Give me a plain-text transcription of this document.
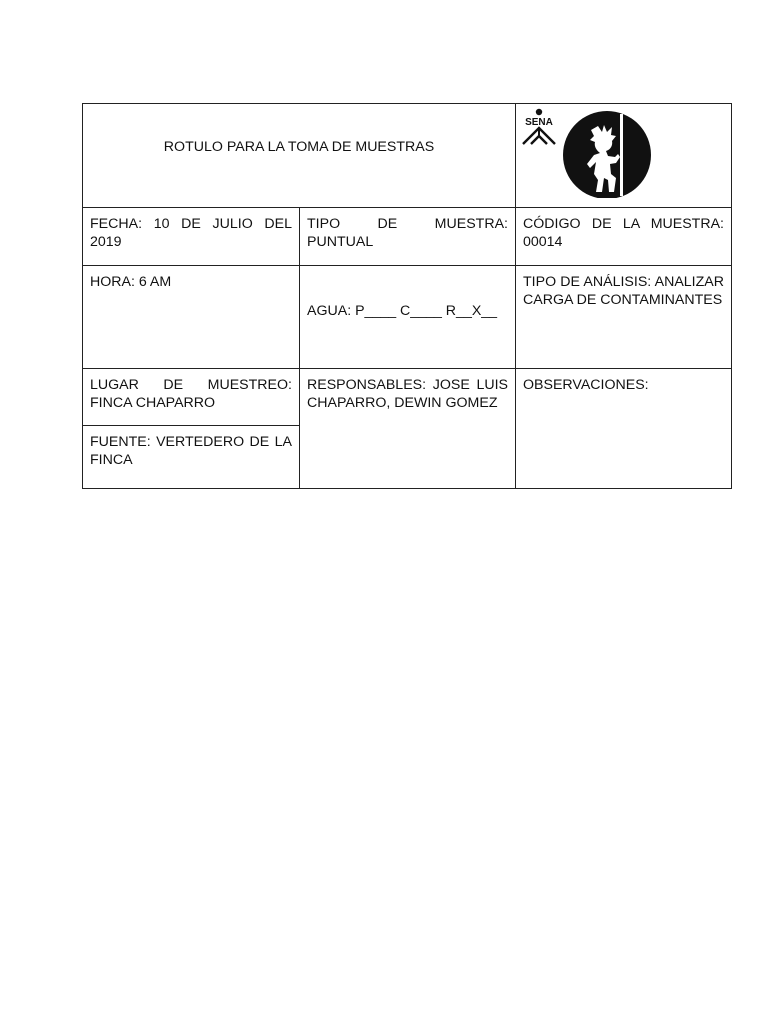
ROTULO PARA LA TOMA DE MUESTRAS
SENA
FECHA: 10 DE JULIO DEL 2019
TIPO DE MUESTRA: PUNTUAL
CÓDIGO DE LA MUESTRA: 00014
HORA: 6 AM
AGUA: P____ C____ R__X__
TIPO DE ANÁLISIS: ANALIZAR CARGA DE CONTAMINANTES
LUGAR DE MUESTREO: FINCA CHAPARRO
FUENTE: VERTEDERO DE LA FINCA
RESPONSABLES: JOSE LUIS CHAPARRO, DEWIN GOMEZ
OBSERVACIONES:
